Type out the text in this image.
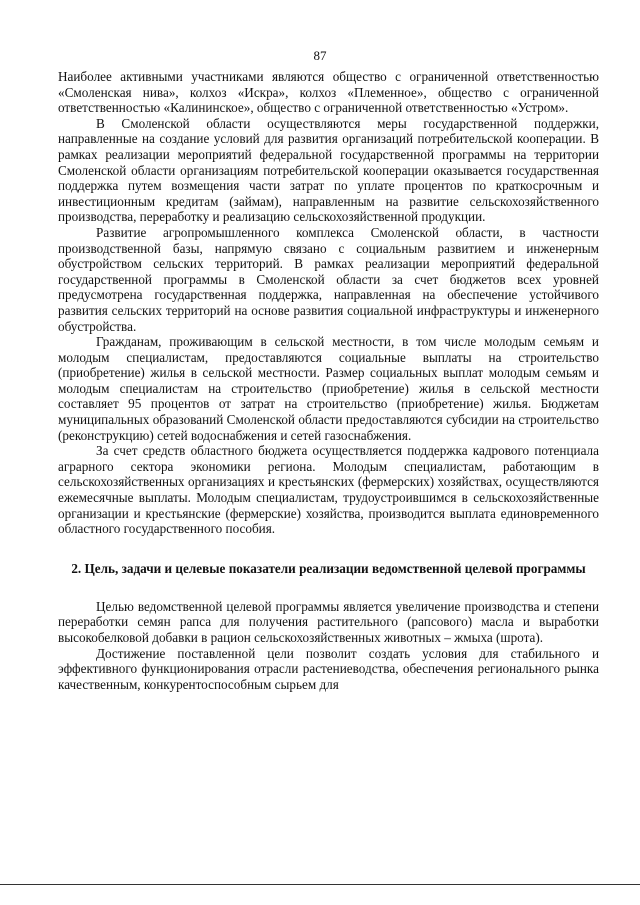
87

Наиболее активными участниками являются общество с ограниченной ответственностью «Смоленская нива», колхоз «Искра», колхоз «Племенное», общество с ограниченной ответственностью «Калининское», общество с ограниченной ответственностью «Устром».

В Смоленской области осуществляются меры государственной поддержки, направленные на создание условий для развития организаций потребительской кооперации. В рамках реализации мероприятий федеральной государственной программы на территории Смоленской области организациям потребительской кооперации оказывается государственная поддержка путем возмещения части затрат по уплате процентов по краткосрочным и инвестиционным кредитам (займам), направленным на развитие сельскохозяйственного производства, переработку и реализацию сельскохозяйственной продукции.

Развитие агропромышленного комплекса Смоленской области, в частности производственной базы, напрямую связано с социальным развитием и инженерным обустройством сельских территорий. В рамках реализации мероприятий федеральной государственной программы в Смоленской области за счет бюджетов всех уровней предусмотрена государственная поддержка, направленная на обеспечение устойчивого развития сельских территорий на основе развития социальной инфраструктуры и инженерного обустройства.

Гражданам, проживающим в сельской местности, в том числе молодым семьям и молодым специалистам, предоставляются социальные выплаты на строительство (приобретение) жилья в сельской местности. Размер социальных выплат молодым семьям и молодым специалистам на строительство (приобретение) жилья в сельской местности составляет 95 процентов от затрат на строительство (приобретение) жилья. Бюджетам муниципальных образований Смоленской области предоставляются субсидии на строительство (реконструкцию) сетей водоснабжения и сетей газоснабжения.

За счет средств областного бюджета осуществляется поддержка кадрового потенциала аграрного сектора экономики региона. Молодым специалистам, работающим в сельскохозяйственных организациях и крестьянских (фермерских) хозяйствах, осуществляются ежемесячные выплаты. Молодым специалистам, трудоустроившимся в сельскохозяйственные организации и крестьянские (фермерские) хозяйства, производится выплата единовременного областного государственного пособия.

2. Цель, задачи и целевые показатели реализации ведомственной целевой программы

Целью ведомственной целевой программы является увеличение производства и степени переработки семян рапса для получения растительного (рапсового) масла и выработки высокобелковой добавки в рацион сельскохозяйственных животных – жмыха (шрота).

Достижение поставленной цели позволит создать условия для стабильного и эффективного функционирования отрасли растениеводства, обеспечения регионального рынка качественным, конкурентоспособным сырьем для
